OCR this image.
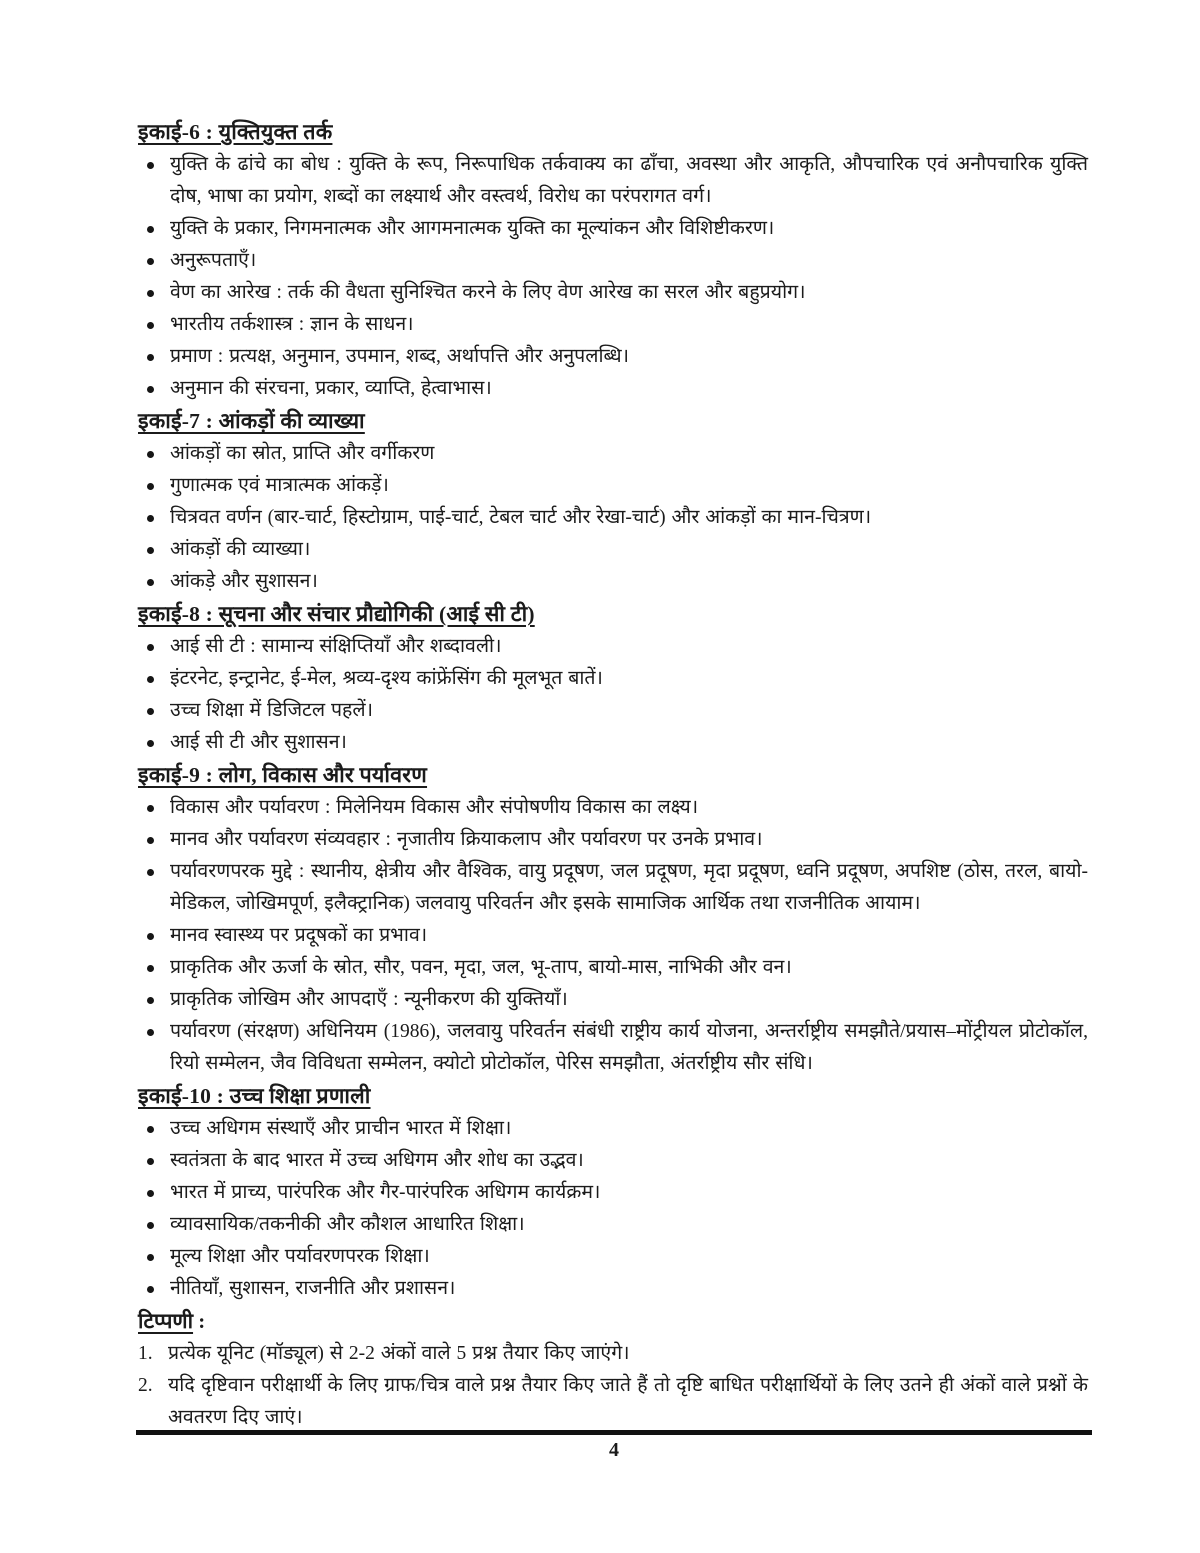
इकाई-6 : युक्तियुक्त तर्क
युक्ति के ढांचे का बोध : युक्ति के रूप, निरूपाधिक तर्कवाक्य का ढाँचा, अवस्था और आकृति, औपचारिक एवं अनौपचारिक युक्ति दोष, भाषा का प्रयोग, शब्दों का लक्ष्यार्थ और वस्त्वर्थ, विरोध का परंपरागत वर्ग।
युक्ति के प्रकार, निगमनात्मक और आगमनात्मक युक्ति का मूल्यांकन और विशिष्टीकरण।
अनुरूपताएँ।
वेण का आरेख : तर्क की वैधता सुनिश्चित करने के लिए वेण आरेख का सरल और बहुप्रयोग।
भारतीय तर्कशास्त्र : ज्ञान के साधन।
प्रमाण : प्रत्यक्ष, अनुमान, उपमान, शब्द, अर्थापत्ति और अनुपलब्धि।
अनुमान की संरचना, प्रकार, व्याप्ति, हेत्वाभास।
इकाई-7 : आंकड़ों की व्याख्या
आंकड़ों का स्रोत, प्राप्ति और वर्गीकरण
गुणात्मक एवं मात्रात्मक आंकड़ें।
चित्रवत वर्णन (बार-चार्ट, हिस्टोग्राम, पाई-चार्ट, टेबल चार्ट और रेखा-चार्ट) और आंकड़ों का मान-चित्रण।
आंकड़ों की व्याख्या।
आंकड़े और सुशासन।
इकाई-8 : सूचना और संचार प्रौद्योगिकी (आई सी टी)
आई सी टी : सामान्य संक्षिप्तियाँ और शब्दावली।
इंटरनेट, इन्ट्रानेट, ई-मेल, श्रव्य-दृश्य कांफ्रेंसिंग की मूलभूत बातें।
उच्च शिक्षा में डिजिटल पहलें।
आई सी टी और सुशासन।
इकाई-9 : लोग, विकास और पर्यावरण
विकास और पर्यावरण : मिलेनियम विकास और संपोषणीय विकास का लक्ष्य।
मानव और पर्यावरण संव्यवहार : नृजातीय क्रियाकलाप और पर्यावरण पर उनके प्रभाव।
पर्यावरणपरक मुद्दे : स्थानीय, क्षेत्रीय और वैश्विक, वायु प्रदूषण, जल प्रदूषण, मृदा प्रदूषण, ध्वनि प्रदूषण, अपशिष्ट (ठोस, तरल, बायो-मेडिकल, जोखिमपूर्ण, इलैक्ट्रानिक) जलवायु परिवर्तन और इसके सामाजिक आर्थिक तथा राजनीतिक आयाम।
मानव स्वास्थ्य पर प्रदूषकों का प्रभाव।
प्राकृतिक और ऊर्जा के स्रोत, सौर, पवन, मृदा, जल, भू-ताप, बायो-मास, नाभिकी और वन।
प्राकृतिक जोखिम और आपदाएँ : न्यूनीकरण की युक्तियाँ।
पर्यावरण (संरक्षण) अधिनियम (1986), जलवायु परिवर्तन संबंधी राष्ट्रीय कार्य योजना, अन्तर्राष्ट्रीय समझौते/प्रयास–मोंट्रीयल प्रोटोकॉल, रियो सम्मेलन, जैव विविधता सम्मेलन, क्योटो प्रोटोकॉल, पेरिस समझौता, अंतर्राष्ट्रीय सौर संधि।
इकाई-10 : उच्च शिक्षा प्रणाली
उच्च अधिगम संस्थाएँ और प्राचीन भारत में शिक्षा।
स्वतंत्रता के बाद भारत में उच्च अधिगम और शोध का उद्भव।
भारत में प्राच्य, पारंपरिक और गैर-पारंपरिक अधिगम कार्यक्रम।
व्यावसायिक/तकनीकी और कौशल आधारित शिक्षा।
मूल्य शिक्षा और पर्यावरणपरक शिक्षा।
नीतियाँ, सुशासन, राजनीति और प्रशासन।
टिप्पणी :
1. प्रत्येक यूनिट (मॉड्यूल) से 2-2 अंकों वाले 5 प्रश्न तैयार किए जाएंगे।
2. यदि दृष्टिवान परीक्षार्थी के लिए ग्राफ/चित्र वाले प्रश्न तैयार किए जाते हैं तो दृष्टि बाधित परीक्षार्थियों के लिए उतने ही अंकों वाले प्रश्नों के अवतरण दिए जाएं।
4
